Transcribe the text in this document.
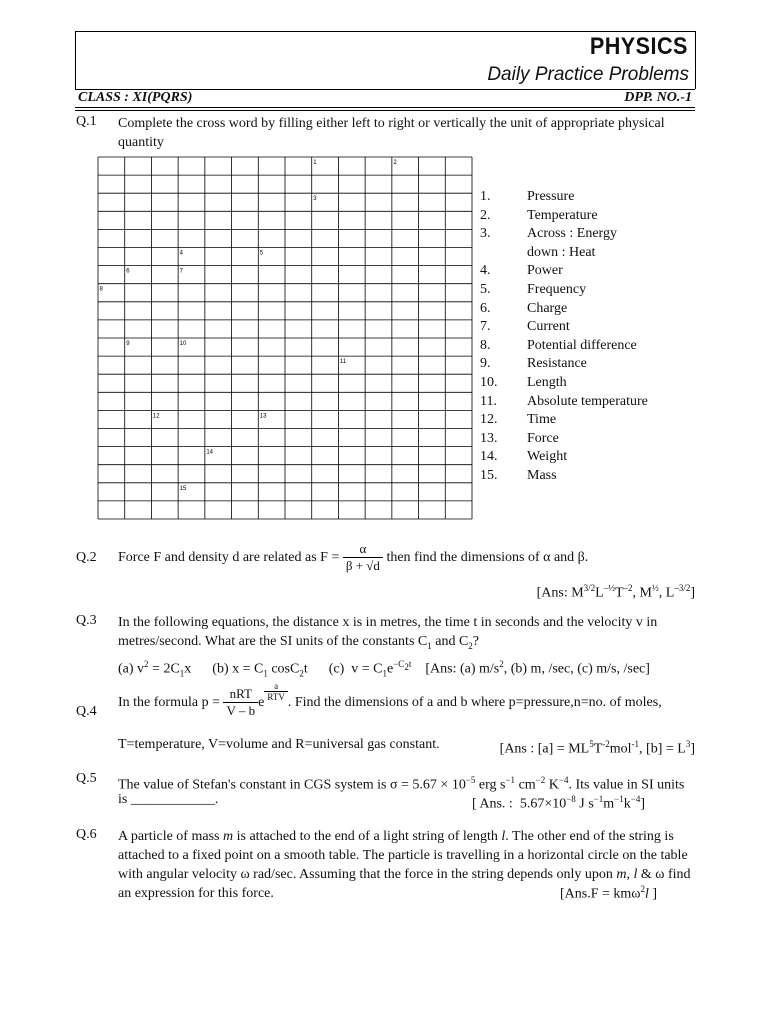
PHYSICS
Daily Practice Problems
CLASS : XI(PQRS)	DPP. NO.-1
Q.1 Complete the cross word by filling either left to right or vertically the unit of appropriate physical quantity
1	2
3
4	5
6	7
8
9	10
11
12	13
14
15
1.	Pressure
2.	Temperature
3.	Across : Energy
down : Heat
4.	Power
5.	Frequency
6.	Charge
7.	Current
8.	Potential difference
9.	Resistance
10.	Length
11.	Absolute temperature
12.	Time
13.	Force
14.	Weight
15.	Mass
Q.2 Force F and density d are related as $F = \frac{\alpha}{\beta + √d}$ then find the dimensions of α and β.
[Ans: $M^{3/2}L^{-\frac{1}{2}}T^{-2}$, $M^{\frac{1}{2}}$, $L^{-3/2}$]
Q.3 In the following equations, the distance x is in metres, the time t in seconds and the velocity v in metres/second. What are the SI units of the constants $C_1$ and $C_2$?
(a) $v^2 = 2C_1x$      (b) $x = C_1$ cosC$_2$t      (c)  $v = C_1e^{-C_2t}$    [Ans: (a) $m/s^2$, (b) m, /sec, (c) m/s, /sec]
Q.4
In the formula $p = \frac{\text{nRT}}{V - b}$ e
$\frac{a}{\text{RTV}}$
. Find the dimensions of a and b where p=pressure,n=no. of moles,
T=temperature, V=volume and R=universal gas constant.	[Ans : $[a] = ML^5T^{-2}mol^{-1}$, $[b] = L^3$]
Q.5 The value of Stefan's constant in CGS system is $\sigma = 5.67 \times 10^{-5}$ erg $s^{-1}$ $cm^{-2}$ $K^{-4}$. Its value in SI units
is ____________.	[ Ans. :  $5.67\times 10^{-8}$ J $s^{-1}m^{-1}k^{-4}$]
Q.6 A particle of mass m is attached to the end of a light string of length l. The other end of the string is attached to a fixed point on a smooth table. The particle is travelling in a horizontal circle on the table with angular velocity ω rad/sec. Assuming that the force in the string depends only upon m, l & ω find an expression for this force.	[Ans.F = kmω$^2$l ]
